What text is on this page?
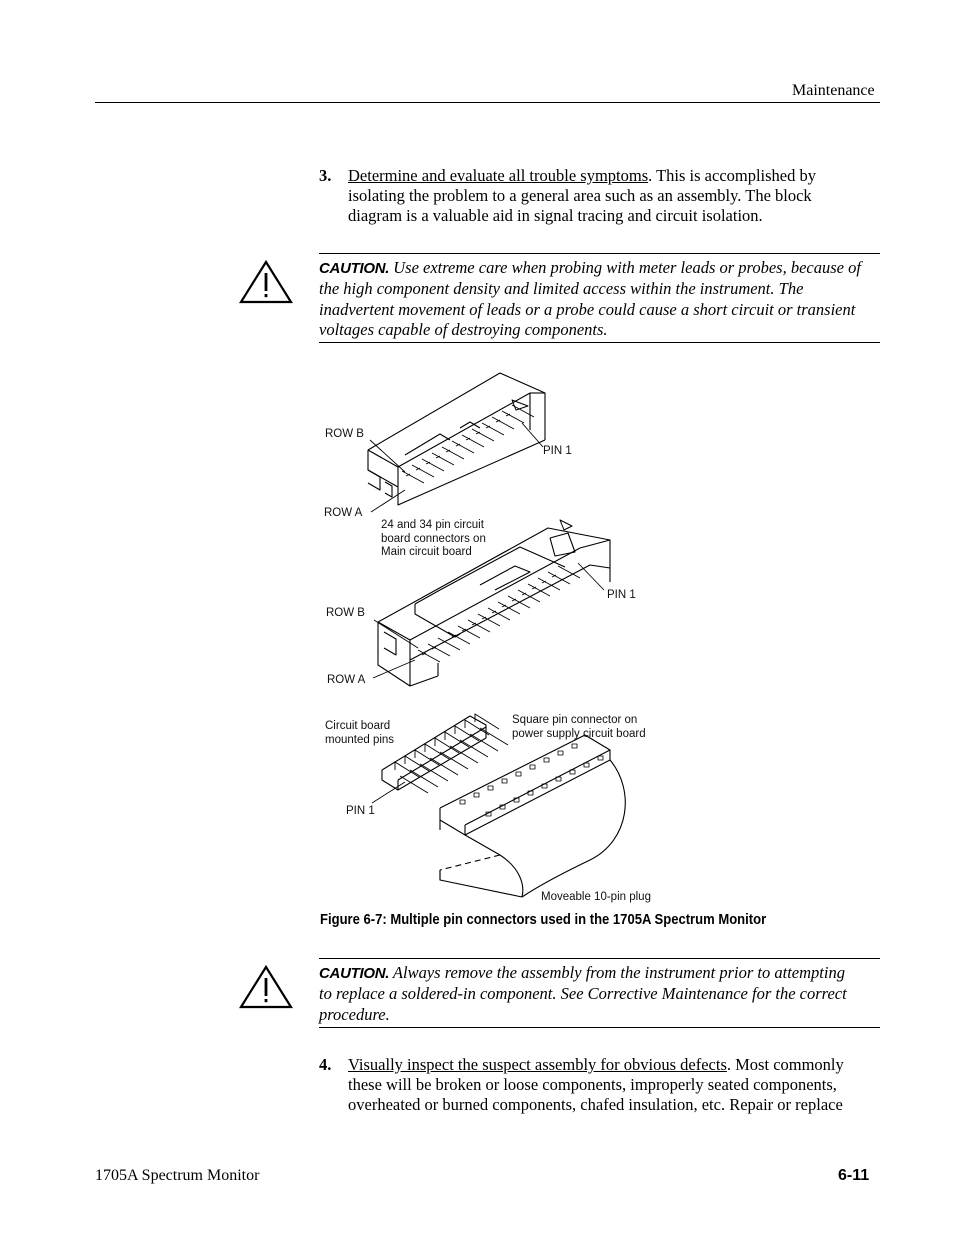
Maintenance
3. Determine and evaluate all trouble symptoms. This is accomplished by
isolating the problem to a general area such as an assembly. The block
diagram is a valuable aid in signal tracing and circuit isolation.
CAUTION. Use extreme care when probing with meter leads or probes, because of
the high component density and limited access within the instrument. The
inadvertent movement of leads or a probe could cause a short circuit or transient
voltages capable of destroying components.
ROW B
PIN 1
ROW A
24 and 34 pin circuit
board connectors on
Main circuit board
PIN 1
ROW B
ROW A
Circuit board
mounted pins
Square pin connector on
power supply circuit board
PIN 1
Moveable 10-pin plug
Figure 6-7: Multiple pin connectors used in the 1705A Spectrum Monitor
CAUTION. Always remove the assembly from the instrument prior to attempting
to replace a soldered-in component. See Corrective Maintenance for the correct
procedure.
4. Visually inspect the suspect assembly for obvious defects. Most commonly
these will be broken or loose components, improperly seated components,
overheated or burned components, chafed insulation, etc. Repair or replace
1705A Spectrum Monitor	6-11
